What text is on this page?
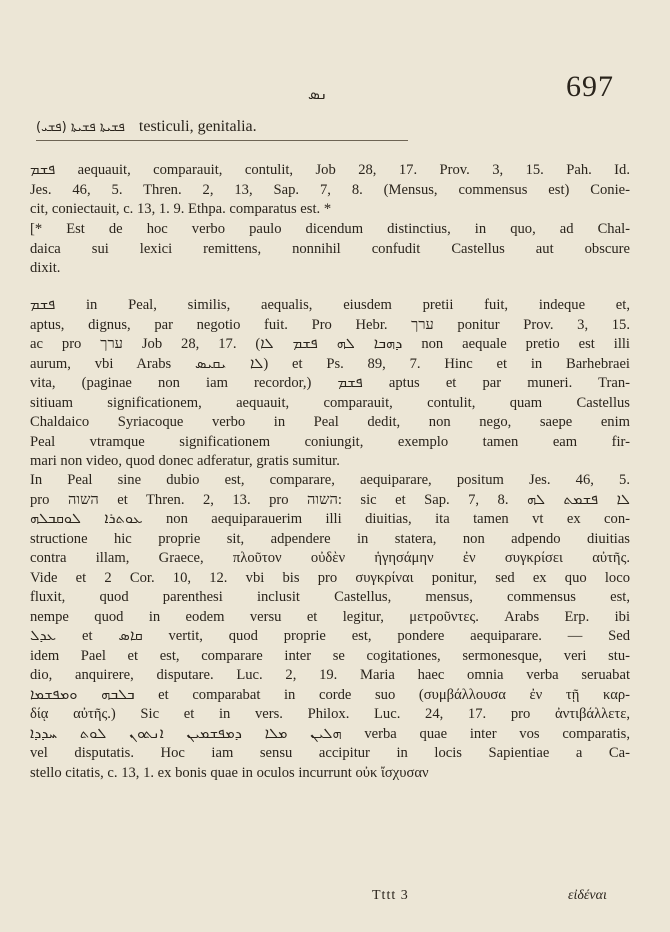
ܢܣ	697
(ܦܫܝ) ܦܫܝܬܐ ܦܫܝܬܐ testiculi, genitalia.
ܦܫܡ aequauit, comparauit, contulit, Job 28, 17. Prov. 3, 15. Pah. Id.
Jes. 46, 5. Thren. 2, 13, Sap. 7, 8. (Mensus, commensus est) Conie-
cit, coniectauit, c. 13, 1. 9. Ethpa. comparatus est. *
[* Est de hoc verbo paulo dicendum distinctius, in quo, ad Chal-
daica sui lexici remittens, nonnihil confudit Castellus aut obscure
dixit.
ܦܫܡ in Peal, similis, aequalis, eiusdem pretii fuit, indeque et,
aptus, dignus, par negotio fuit. Pro Hebr. ערך ponitur Prov. 3, 15.
ac pro ערך Job 28, 17. (ܕܗܒܐ ܠܗ ܦܫܡ ܠܐ non aequale pretio est illi
aurum, vbi Arabs ܠܐ ܝܩܝܣ) et Ps. 89, 7. Hinc et in Barhebraei
vita, (paginae non iam recordor,) ܦܫܡ aptus et par muneri. Tran-
sitiuam significationem, aequauit, comparauit, contulit, quam Castellus
Chaldaico Syriacoque verbo in Peal dedit, non nego, saepe enim
Peal vtramque significationem coniungit, exemplo tamen eam fir-
mari non video, quod donec adferatur, gratis sumitur.
In Peal sine dubio est, comparare, aequiparare, positum Jes. 46, 5.
pro השוה et Thren. 2, 13. pro השוה: sic et Sap. 7, 8. ܠܐ ܦܫܡܬ ܠܗ
ܥܘܬܪܐ ܠܘܩܒܠܗ non aequiparauerim illi diuitias, ita tamen vt ex con-
structione hic proprie sit, adpendere in statera, non adpendo diuitias
contra illam, Graece, πλοῦτον οὐδὲν ἡγησάμην ἐν συγκρίσει αὐτῆς.
Vide et 2 Cor. 10, 12. vbi bis pro συγκρίναι ponitur, sed ex quo loco
fluxit, quod parenthesi inclusit Castellus, mensus, commensus est,
nempe quod in eodem versu et legitur, μετροῦντες. Arabs Erp. ibi
ܥܕܠ et ܩܐܣ vertit, quod proprie est, pondere aequiparare. — Sed
idem Pael et est, comparare inter se cogitationes, sermonesque, veri stu-
dio, anquirere, disputare. Luc. 2, 19. Maria haec omnia verba seruabat
ܒܠܒܗ ܘܡܦܫܡܐ et comparabat in corde suo (συμβάλλουσα ἐν τῇ καρ-
δίᾳ αὐτῆς.) Sic et in vers. Philox. Luc. 24, 17. pro ἀντιβάλλετε,
ܗܠܝܢ ܡܠܐ ܕܡܦܫܡܝܢ ܐܢܬܘܢ ܠܘܬ ܚܕܕܐ verba quae inter vos comparatis,
vel disputatis. Hoc iam sensu accipitur in locis Sapientiae a Ca-
stello citatis, c. 13, 1. ex bonis quae in oculos incurrunt οὐκ ἴσχυσαν
Tttt 3	εἰδέναι
